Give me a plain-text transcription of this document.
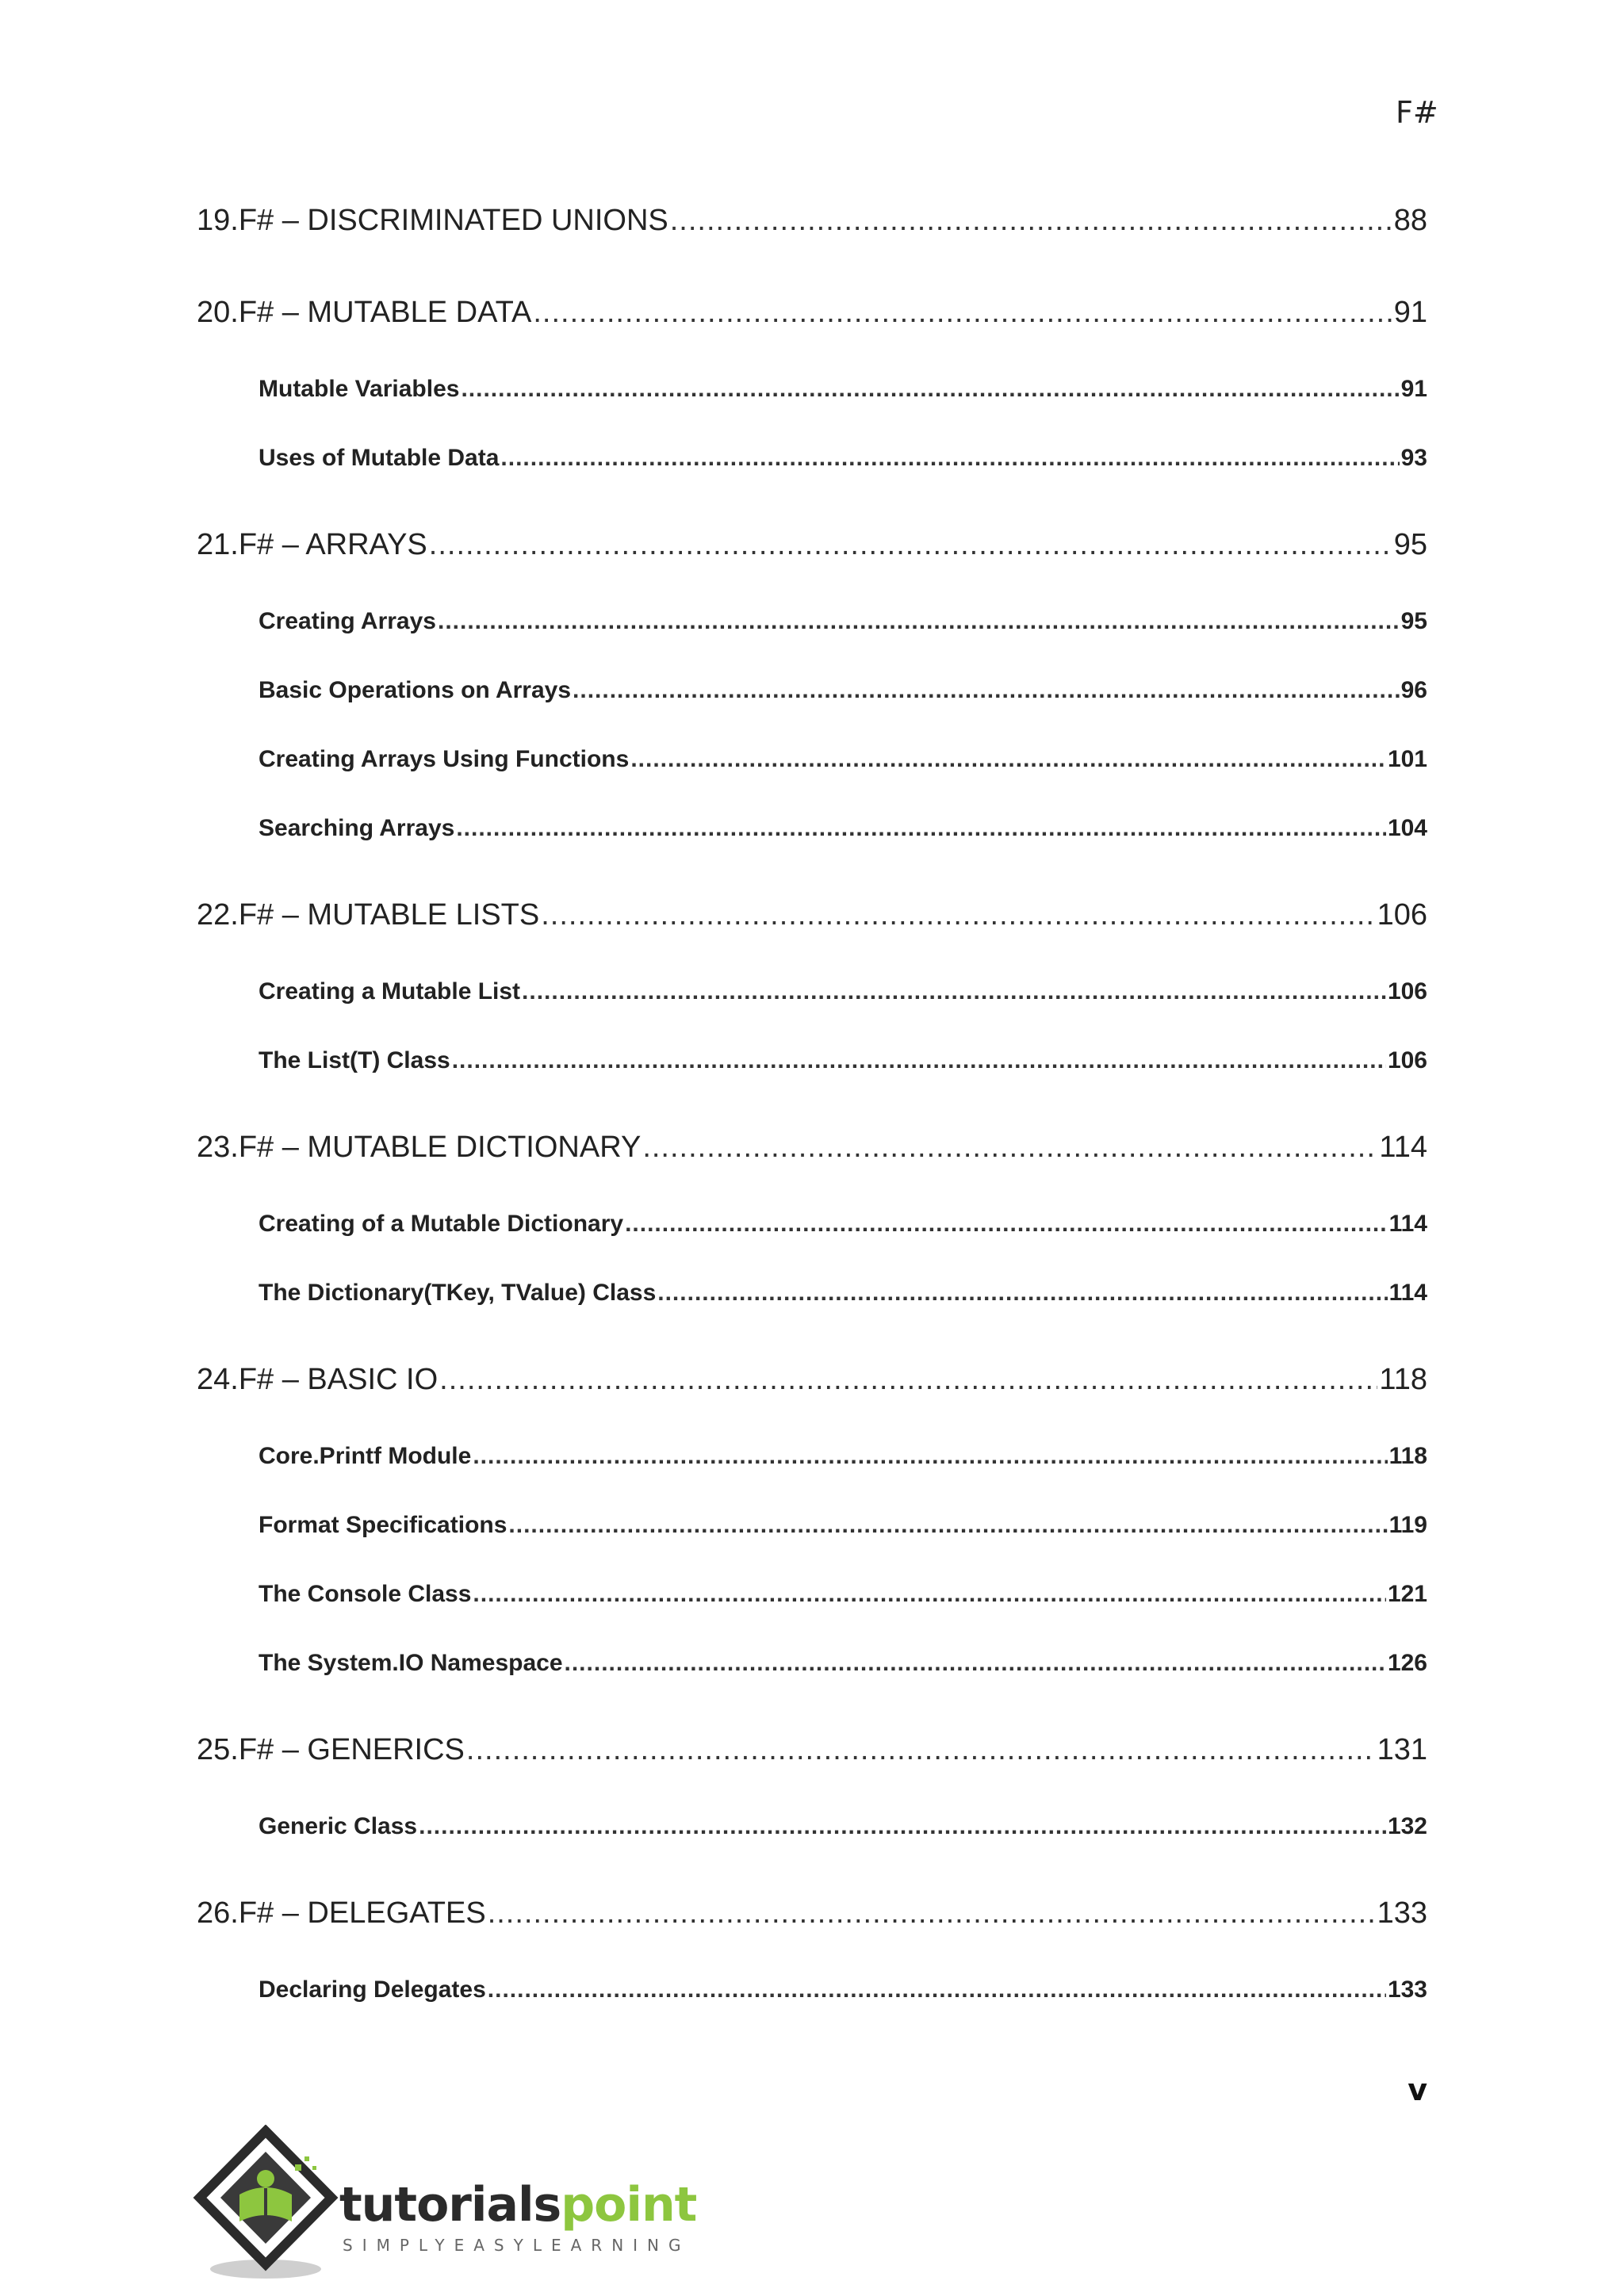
F#
19. F# – DISCRIMINATED UNIONS .....	88
20. F# – MUTABLE DATA .....	91
Mutable Variables .....	91
Uses of Mutable Data .....	93
21. F# – ARRAYS .....	95
Creating Arrays .....	95
Basic Operations on Arrays .....	96
Creating Arrays Using Functions .....	101
Searching Arrays .....	104
22. F# – MUTABLE LISTS .....	106
Creating a Mutable List .....	106
The List(T) Class .....	106
23. F# – MUTABLE DICTIONARY .....	114
Creating of a Mutable Dictionary .....	114
The Dictionary(TKey, TValue) Class .....	114
24. F# – BASIC IO .....	118
Core.Printf Module .....	118
Format Specifications .....	119
The Console Class .....	121
The System.IO Namespace .....	126
25. F# – GENERICS .....	131
Generic Class .....	132
26. F# – DELEGATES .....	133
Declaring Delegates .....	133
v
tutorialspoint
SIMPLYEASYLEARNING
